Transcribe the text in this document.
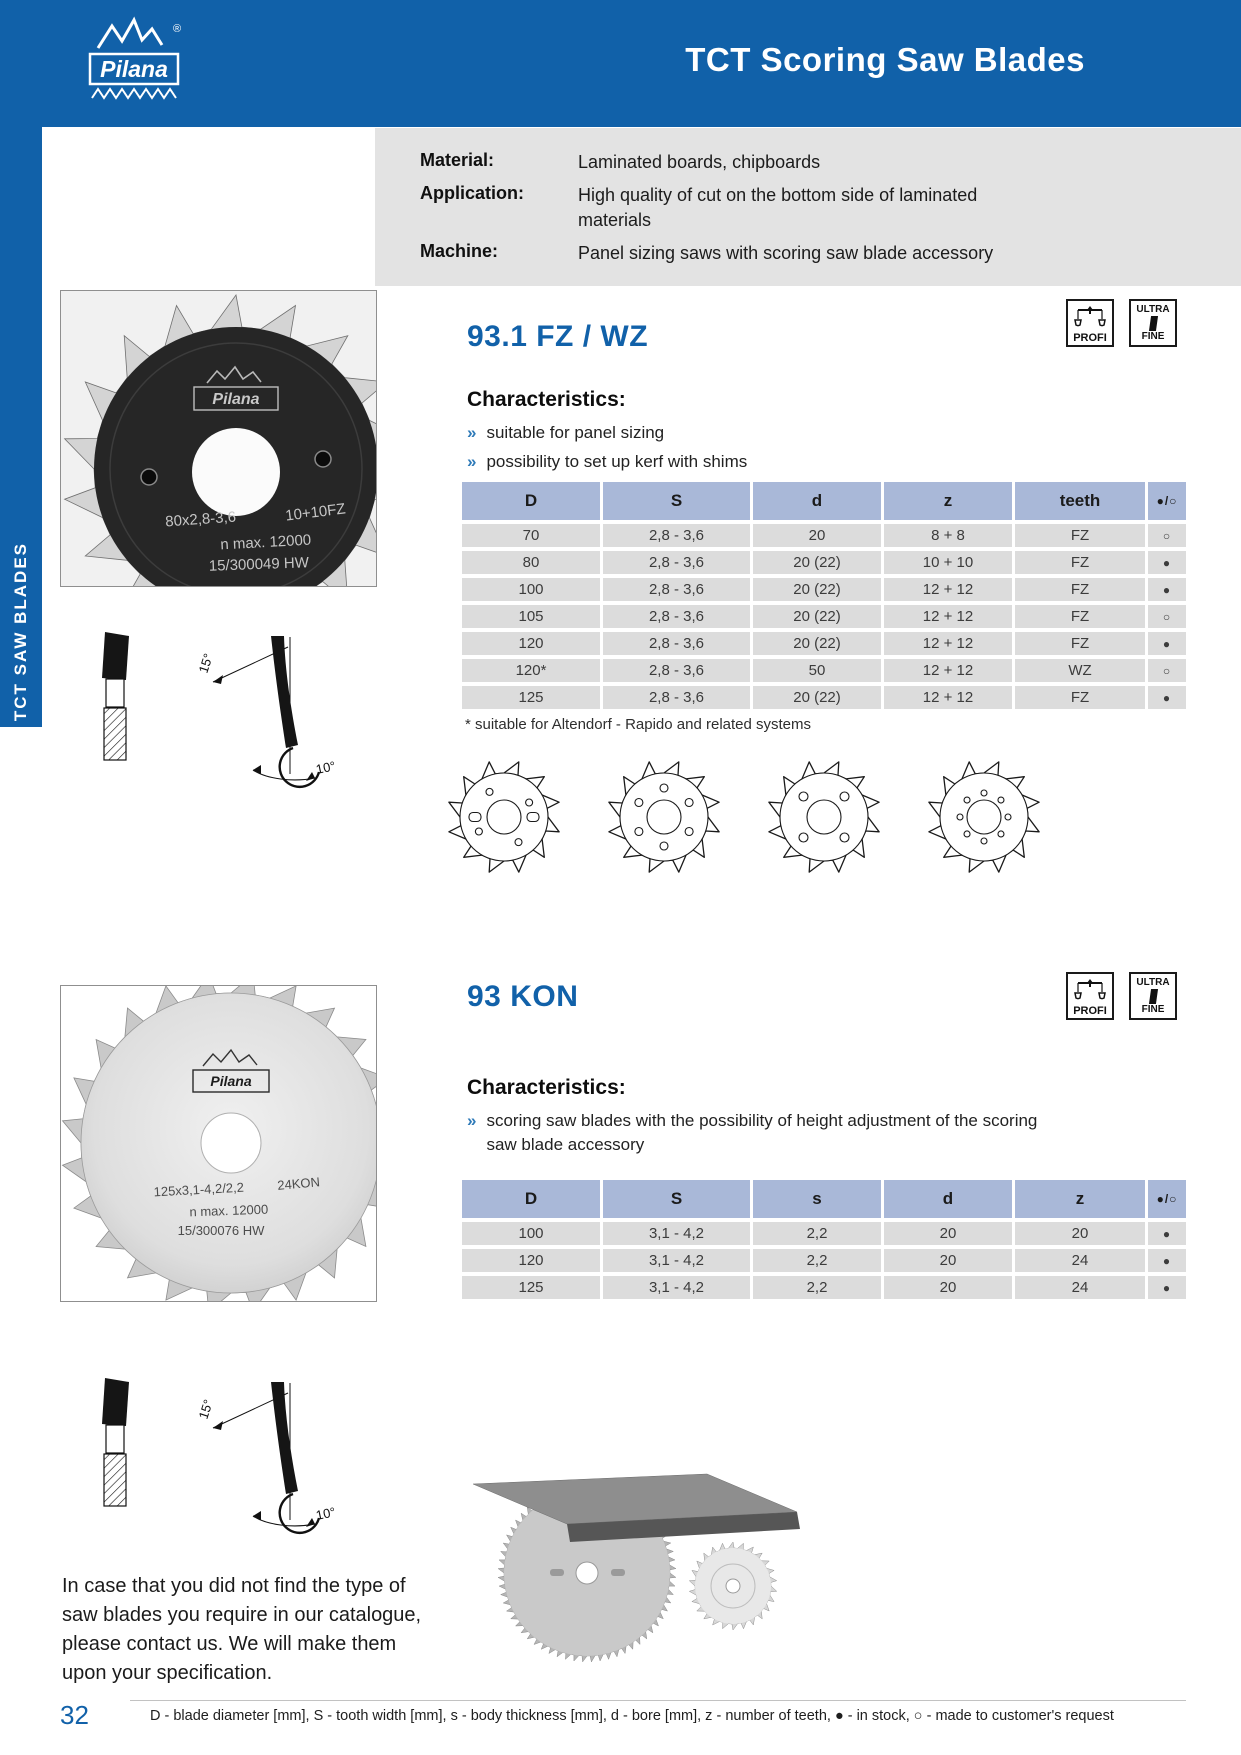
®
Pilana	TCT Scoring Saw Blades
TCT SAW BLADES
Material:	Laminated boards, chipboards
Application:	High quality of cut on the bottom side of laminated materials
Machine:	Panel sizing saws with scoring saw blade accessory
Pilana
80x2,8-3,6	10+10FZ
n max. 12000
15/300049 HW
93.1 FZ / WZ	PROFI
ULTRA
FINE
Characteristics:
» suitable for panel sizing
» possibility to set up kerf with shims
D	S	d	z	teeth	●/○
70	2,8 - 3,6	20	8 + 8	FZ	○
80	2,8 - 3,6	20 (22)	10 + 10	FZ	●
100	2,8 - 3,6	20 (22)	12 + 12	FZ	●
105	2,8 - 3,6	20 (22)	12 + 12	FZ	○
120	2,8 - 3,6	20 (22)	12 + 12	FZ	●
120*	2,8 - 3,6	50	12 + 12	WZ	○
125	2,8 - 3,6	20 (22)	12 + 12	FZ	●

* suitable for Altendorf - Rapido and related systems

15°
10°
Pilana
125x3,1-4,2/2,2 24KON
n max. 12000
15/300076 HW
93 KON	PROFI
ULTRA
FINE
Characteristics:
» scoring saw blades with the possibility of height adjustment of the scoring saw blade accessory
D	S	s	d	z	●/○
100	3,1 - 4,2	2,2	20	20	●
120	3,1 - 4,2	2,2	20	24	●
125	3,1 - 4,2	2,2	20	24	●
15°
10°

In case that you did not find the type of saw blades you require in our catalogue, please contact us. We will make them upon your specification.

32	D - blade diameter [mm], S - tooth width [mm], s - body thickness [mm], d - bore [mm], z - number of teeth, ● - in stock, ○ - made to customer's request
